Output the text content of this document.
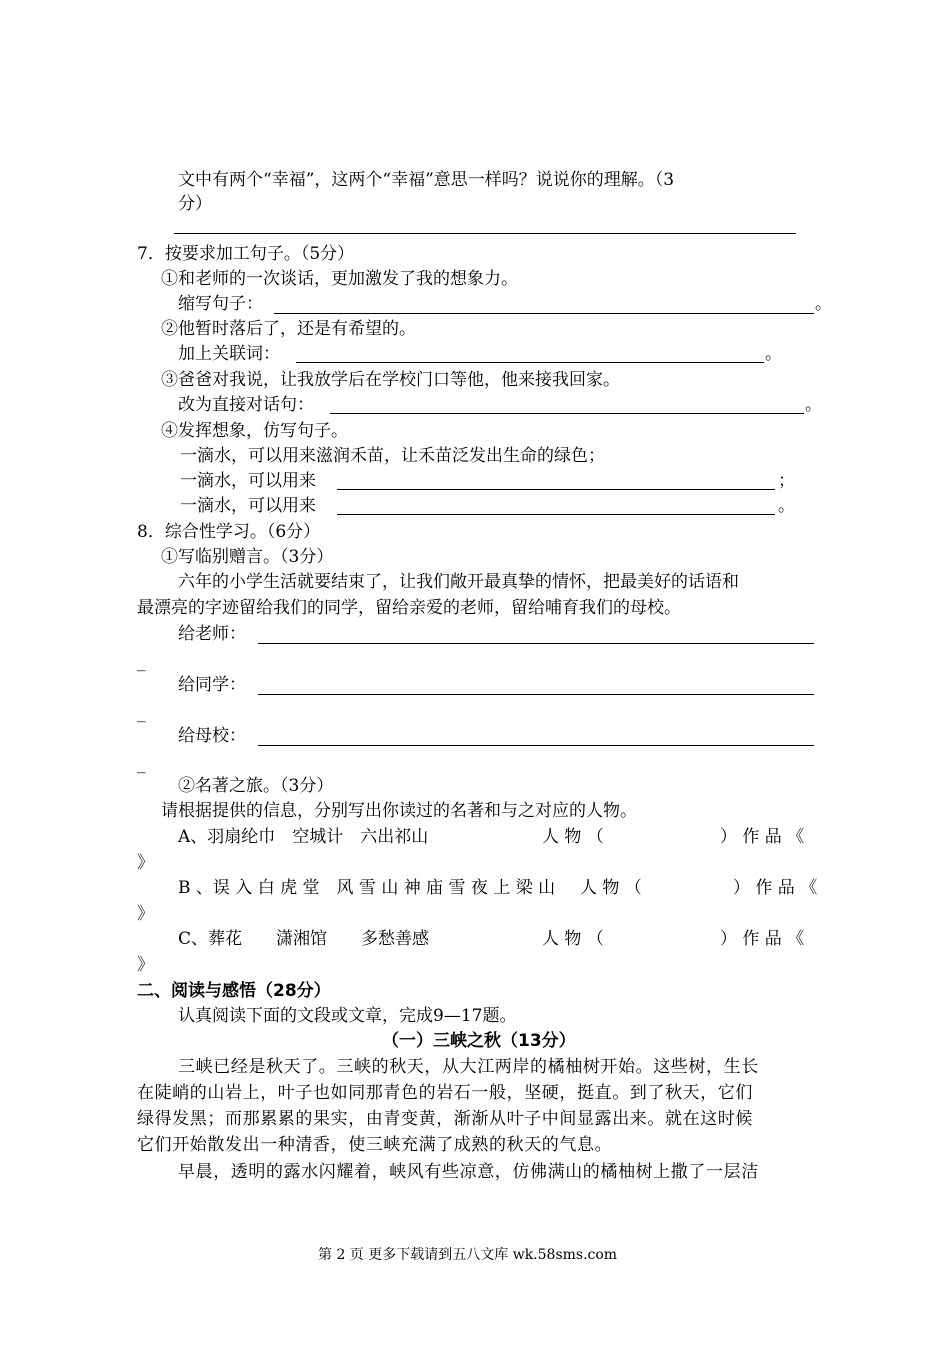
文中有两个“幸福”，这两个“幸福”意思一样吗？说说你的理解。（3
分）
7．按要求加工句子。（5分）
①和老师的一次谈话，更加激发了我的想象力。
缩写句子：	。
②他暂时落后了，还是有希望的。
加上关联词：	。
③爸爸对我说，让我放学后在学校门口等他，他来接我回家。
改为直接对话句：	。
④发挥想象，仿写句子。
一滴水，可以用来滋润禾苗，让禾苗泛发出生命的绿色；
一滴水，可以用来	；
一滴水，可以用来	。
8．综合性学习。（6分）
①写临别赠言。（3分）
六年的小学生活就要结束了，让我们敞开最真挚的情怀，把最美好的话语和
最漂亮的字迹留给我们的同学，留给亲爱的老师，留给哺育我们的母校。
给老师：
_
给同学：
_
给母校：
_
②名著之旅。（3分）
请根据提供的信息，分别写出你读过的名著和与之对应的人物。
A、羽扇纶巾　空城计　六出祁山	人 物 （	） 作 品 《
》
B 、误 入 白 虎 堂　风 雪 山 神 庙 雪 夜 上 梁 山 人 物 （	） 作 品 《
》
C、葬花　　潇湘馆　　多愁善感	人 物 （	） 作 品 《
》
二、阅读与感悟（28分）
认真阅读下面的文段或文章，完成9—17题。
（一）三峡之秋（13分）
三峡已经是秋天了。三峡的秋天，从大江两岸的橘柚树开始。这些树，生长
在陡峭的山岩上，叶子也如同那青色的岩石一般，坚硬，挺直。到了秋天，它们
绿得发黑；而那累累的果实，由青变黄，渐渐从叶子中间显露出来。就在这时候
它们开始散发出一种清香，使三峡充满了成熟的秋天的气息。
早晨，透明的露水闪耀着，峡风有些凉意，仿佛满山的橘柚树上撒了一层洁
第 2 页 更多下载请到五八文库 wk.58sms.com
